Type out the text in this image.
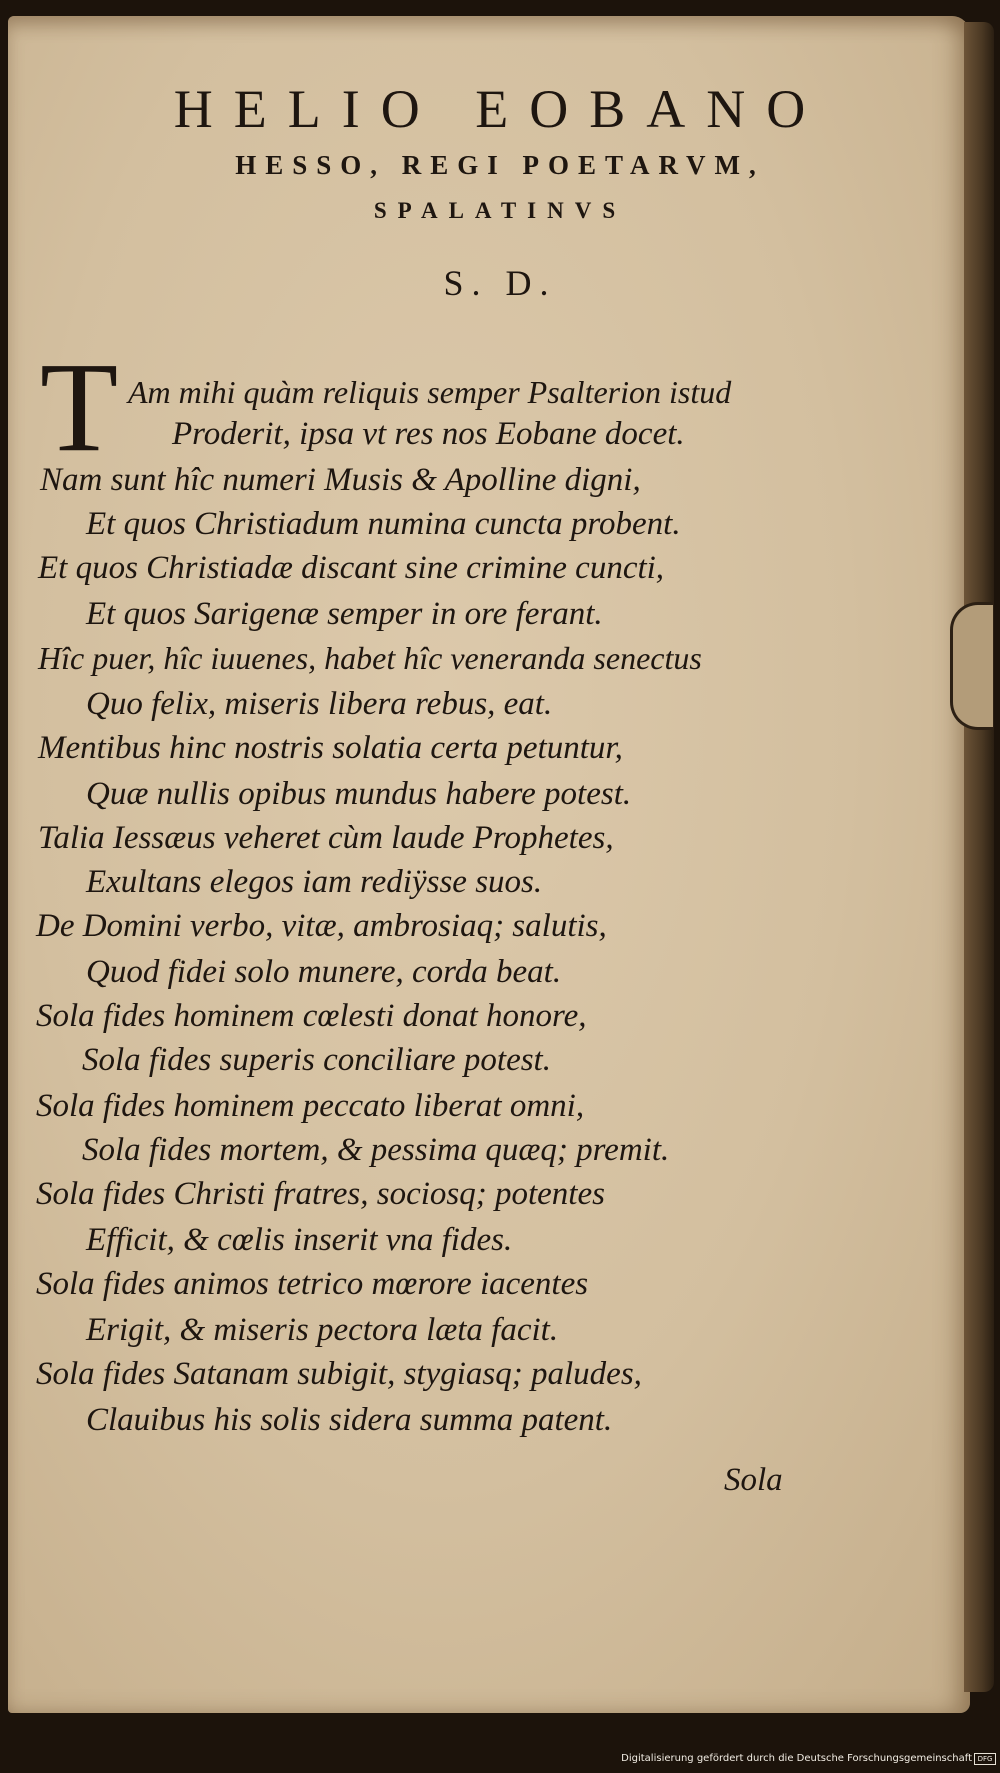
HELIO EOBANO
HESSO, REGI POETARVM,
SPALATINVS
S. D.
T Am mihi quàm reliquis semper Psalterion istud
Proderit, ipsa vt res nos Eobane docet.
Nam sunt hîc numeri Musis & Apolline digni,
Et quos Christiadum numina cuncta probent.
Et quos Christiadæ discant sine crimine cuncti,
Et quos Sarigenæ semper in ore ferant.
Hîc puer, hîc iuuenes, habet hîc veneranda senectus
Quo felix, miseris libera rebus, eat.
Mentibus hinc nostris solatia certa petuntur,
Quæ nullis opibus mundus habere potest.
Talia Iessæus veheret cùm laude Prophetes,
Exultans elegos iam rediÿsse suos.
De Domini verbo, vitæ, ambrosiaq; salutis,
Quod fidei solo munere, corda beat.
Sola fides hominem cœlesti donat honore,
Sola fides superis conciliare potest.
Sola fides hominem peccato liberat omni,
Sola fides mortem, & pessima quæq; premit.
Sola fides Christi fratres, sociosq; potentes
Efficit, & cœlis inserit vna fides.
Sola fides animos tetrico mœrore iacentes
Erigit, & miseris pectora læta facit.
Sola fides Satanam subigit, stygiasq; paludes,
Clauibus his solis sidera summa patent.
Sola
Digitalisierung gefördert durch die Deutsche Forschungsgemeinschaft DFG
